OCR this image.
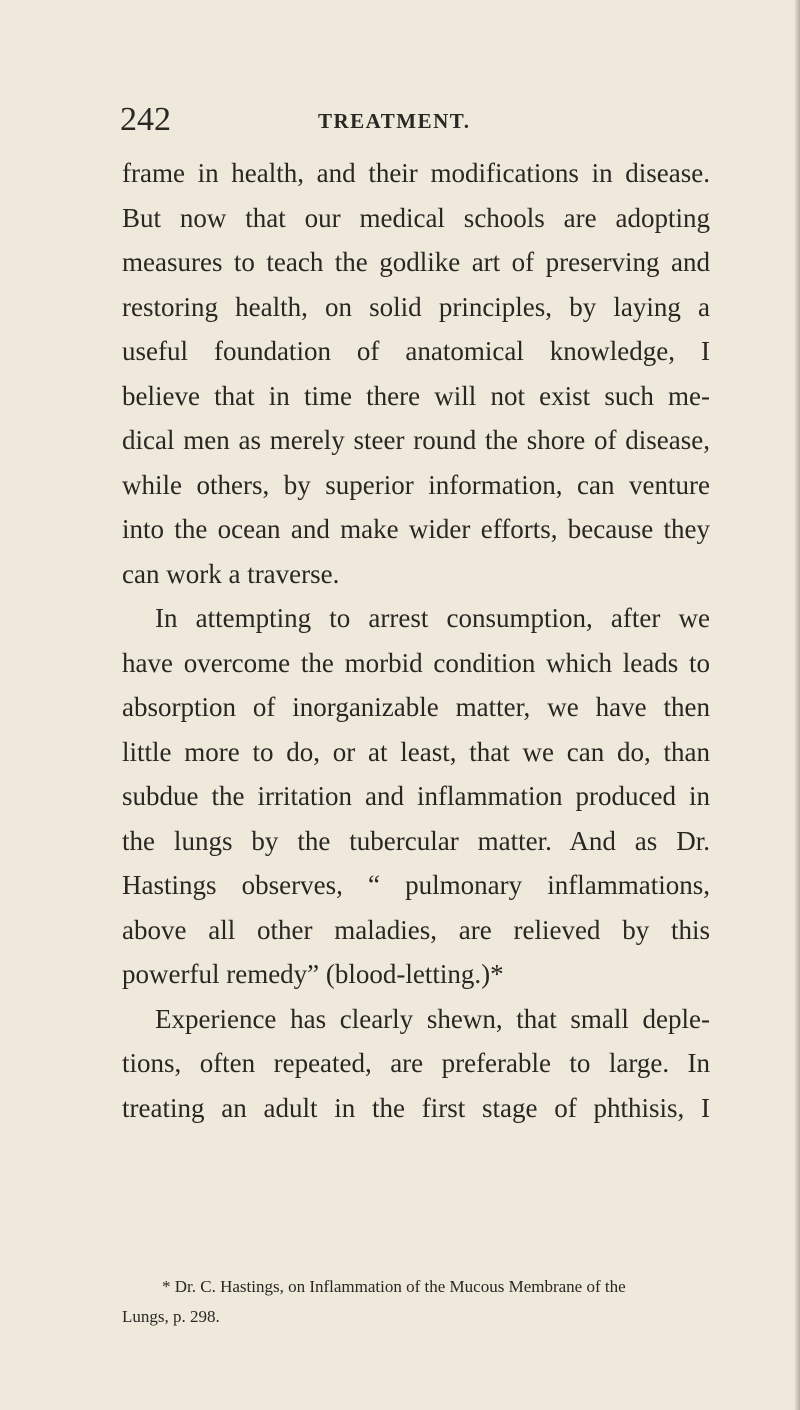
242	TREATMENT.
frame in health, and their modifications in disease.
But now that our medical schools are adopting
measures to teach the godlike art of preserving and
restoring health, on solid principles, by laying a
useful foundation of anatomical knowledge, I
believe that in time there will not exist such me-
dical men as merely steer round the shore of disease,
while others, by superior information, can venture
into the ocean and make wider efforts, because they
can work a traverse.
In attempting to arrest consumption, after we
have overcome the morbid condition which leads to
absorption of inorganizable matter, we have then
little more to do, or at least, that we can do, than
subdue the irritation and inflammation produced in
the lungs by the tubercular matter. And as Dr.
Hastings observes, “ pulmonary inflammations,
above all other maladies, are relieved by this
powerful remedy” (blood-letting.)*
Experience has clearly shewn, that small deple-
tions, often repeated, are preferable to large. In
treating an adult in the first stage of phthisis, I
* Dr. C. Hastings, on Inflammation of the Mucous Membrane of the
Lungs, p. 298.
